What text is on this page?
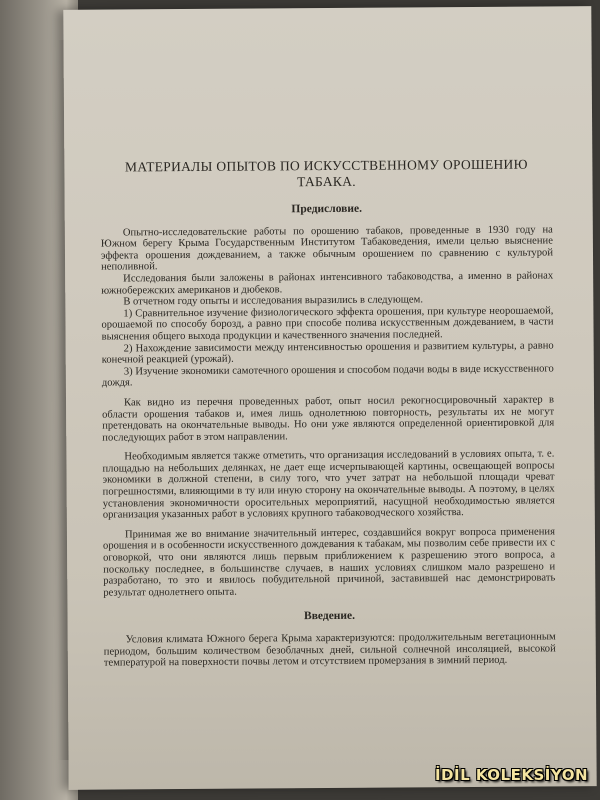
МАТЕРИАЛЫ ОПЫТОВ ПО ИСКУССТВЕННОМУ ОРОШЕНИЮ
ТАБАКА.
Предисловие.

Опытно-исследовательские работы по орошению табаков, проведенные в 1930 году на Южном берегу Крыма Государственным Институтом Табаковедения, имели целью выяснение эффекта орошения дождеванием, а также обычным орошением по сравнению с культурой неполивной.

Исследования были заложены в районах интенсивного табаководства, а именно в районах южнобережских американов и дюбеков.

В отчетном году опыты и исследования выразились в следующем.

1) Сравнительное изучение физиологического эффекта орошения, при культуре неорошаемой, орошаемой по способу борозд, а равно при способе полива искусственным дождеванием, в части выяснения общего выхода продукции и качественного значения последней.

2) Нахождение зависимости между интенсивностью орошения и развитием культуры, а равно конечной реакцией (урожай).

3) Изучение экономики самотечного орошения и способом подачи воды в виде искусственного дождя.

Как видно из перечня проведенных работ, опыт носил рекогносцировочный характер в области орошения табаков и, имея лишь однолетнюю повторность, результаты их не могут претендовать на окончательные выводы. Но они уже являются определенной ориентировкой для последующих работ в этом направлении.

Необходимым является также отметить, что организация исследований в условиях опыта, т. е. площадью на небольших делянках, не дает еще исчерпывающей картины, освещающей вопросы экономики в должной степени, в силу того, что учет затрат на небольшой площади чреват погрешностями, влияющими в ту или иную сторону на окончательные выводы. А поэтому, в целях установления экономичности оросительных мероприятий, насущной необходимостью является организация указанных работ в условиях крупного табаководческого хозяйства.

Принимая же во внимание значительный интерес, создавшийся вокруг вопроса применения орошения и в особенности искусственного дождевания к табакам, мы позволим себе привести их с оговоркой, что они являются лишь первым приближением к разрешению этого вопроса, а поскольку последнее, в большинстве случаев, в наших условиях слишком мало разрешено и разработано, то это и явилось побудительной причиной, заставившей нас демонстрировать результат однолетнего опыта.

Введение.

Условия климата Южного берега Крыма характеризуются: продолжительным вегетационным периодом, большим количеством безоблачных дней, сильной солнечной инсоляцией, высокой температурой на поверхности почвы летом и отсутствием промерзания в зимний период.

İDİL KOLEKSİYON
